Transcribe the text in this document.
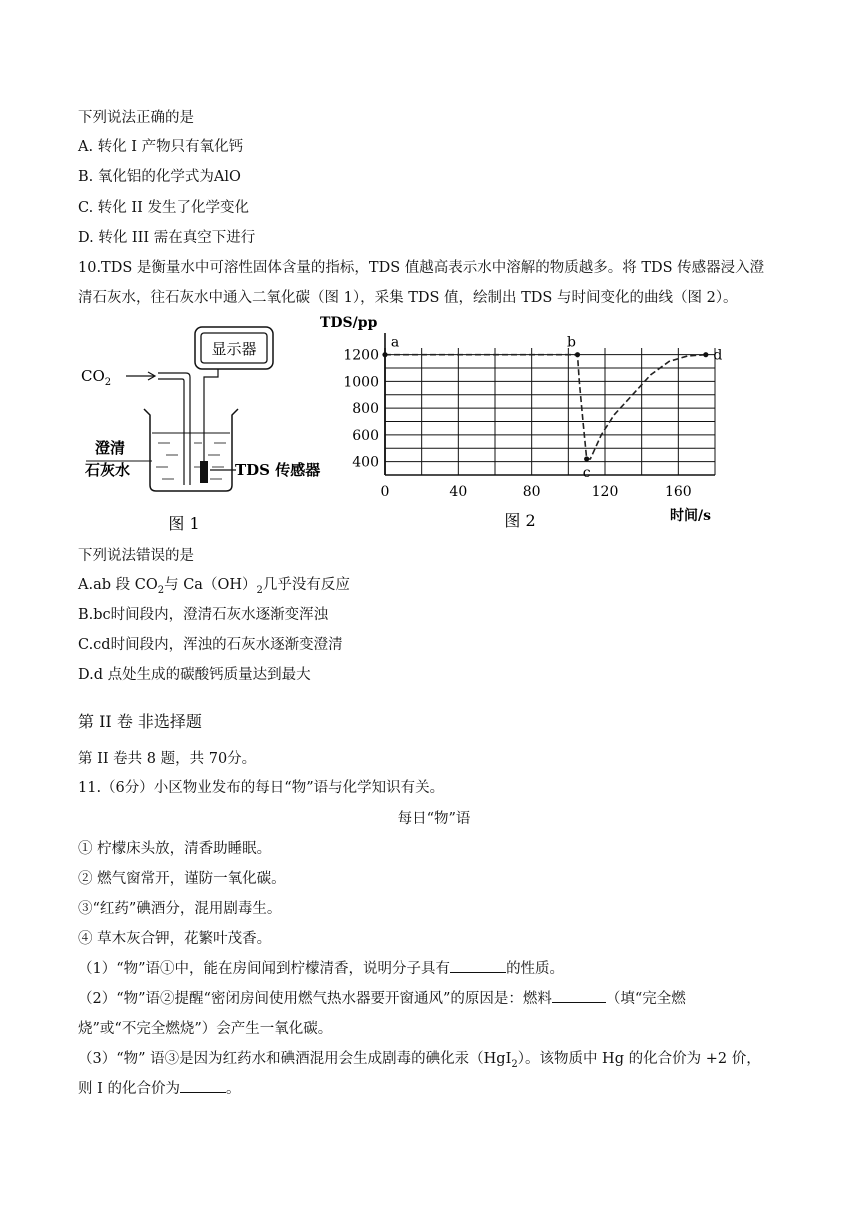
下列说法正确的是
A. 转化 I 产物只有氧化钙
B. 氧化铝的化学式为AlO
C. 转化 II 发生了化学变化
D. 转化 III 需在真空下进行
10.TDS 是衡量水中可溶性固体含量的指标，TDS 值越高表示水中溶解的物质越多。将 TDS 传感器浸入澄
清石灰水，往石灰水中通入二氧化碳（图 1），采集 TDS 值，绘制出 TDS 与时间变化的曲线（图 2）。
显示器
$CO_2$
TDS 传感器
澄清
石灰水
图 1
TDS/pp
时间/s
图 2
0	40	80	120	160
400
600
800
1000
1200
a	b
c
d
下列说法错误的是
A.ab 段 $CO_2$与 $Ca(OH)_2$几乎没有反应
B.bc时间段内，澄清石灰水逐渐变浑浊
C.cd时间段内，浑浊的石灰水逐渐变澄清
D.d 点处生成的碳酸钙质量达到最大
第 II 卷 非选择题
第 II 卷共 8 题，共 70分。
11.（6分）小区物业发布的每日“物”语与化学知识有关。
每日“物”语
① 柠檬床头放，清香助睡眠。
② 燃气窗常开，谨防一氧化碳。
③“红药”碘酒分，混用剧毒生。
④ 草木灰合钾，花繁叶茂香。
（1）“物”语①中，能在房间闻到柠檬清香，说明分子具有	的性质。
（2）“物”语②提醒“密闭房间使用燃气热水器要开窗通风”的原因是：燃料	（填“完全燃
烧”或“不完全燃烧”）会产生一氧化碳。
（3）“物” 语③是因为红药水和碘酒混用会生成剧毒的碘化汞（HgI$_2$）。该物质中 Hg 的化合价为 +2 价，
则 I 的化合价为	。
